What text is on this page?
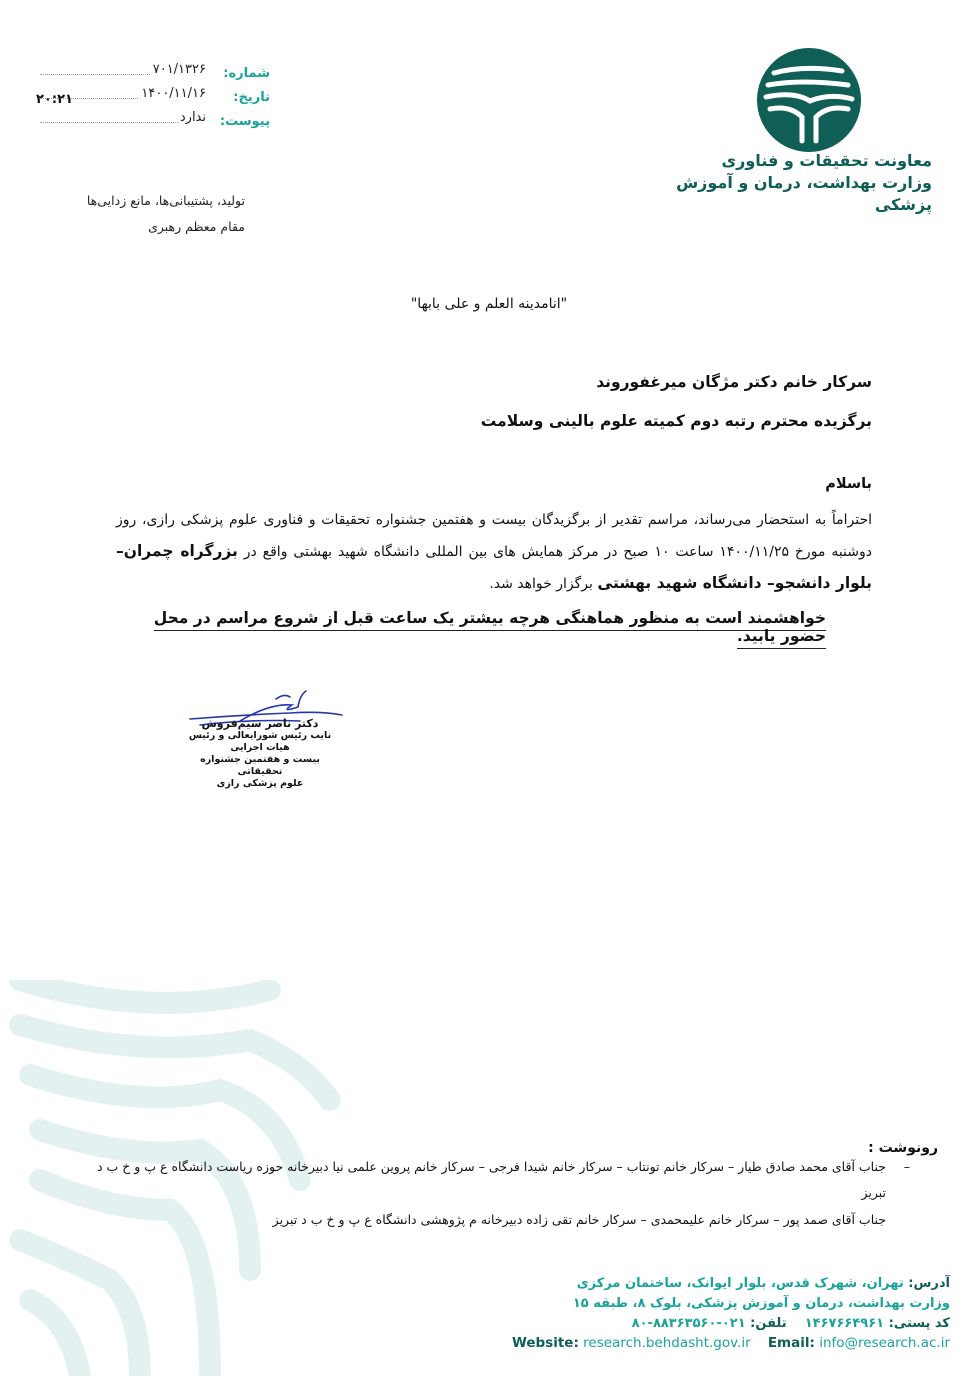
معاونت تحقیقات و فناوری
وزارت بهداشت، درمان و آموزش پزشکی
شماره:
۷۰۱/۱۳۲۶
تاریخ:
۱۴۰۰/۱۱/۱۶
پیوست:
ندارد
۲۰:۲۱
تولید، پشتیبانی‌ها، مانع زدایی‌ها
مقام معظم رهبری
"انامدینه العلم و علی بابها"
سرکار خانم دکتر مژگان میرغفوروند
برگزیده محترم رتبه دوم کمیته علوم بالینی وسلامت
باسلام
احتراماً به استحضار می‌رساند، مراسم تقدیر از برگزیدگان بیست و هفتمین جشنواره تحقیقات و فناوری علوم پزشکی رازی، روز دوشنبه مورخ ۱۴۰۰/۱۱/۲۵ ساعت ۱۰ صبح در مرکز همایش های بین المللی دانشگاه شهید بهشتی واقع در بزرگراه چمران– بلوار دانشجو– دانشگاه شهید بهشتی برگزار خواهد شد.
خواهشمند است به منظور هماهنگی هرچه بیشتر یک ساعت قبل از شروع مراسم در محل حضور یابید.
دکتر ناصر سیم‌فروش
نایب رئیس شورایعالی و رئیس هیات اجرایی
بیست و هفتمین جشنواره تحقیقاتی
علوم پزشکی رازی
رونوشت :
–
جناب آقای محمد صادق طیار – سرکار خانم تونتاب – سرکار خانم شیدا فرجی – سرکار خانم پروین علمی نیا دبیرخانه حوزه ریاست دانشگاه ع پ و خ ب د تبریز
جناب آقای صمد پور – سرکار خانم علیمحمدی – سرکار خانم تقی زاده دبیرخانه م پژوهشی دانشگاه ع پ و خ ب د تبریز
آدرس: تهران، شهرک قدس، بلوار ایوانک، ساختمان مرکزی
وزارت بهداشت، درمان و آموزش پزشکی، بلوک ۸، طبقه ۱۵
کد پستی: ۱۴۶۷۶۶۴۹۶۱    تلفن: ۰۲۱-۸۸۳۶۳۵۶۰-۸۰
Website: research.behdasht.gov.ir Email: info@research.ac.ir
